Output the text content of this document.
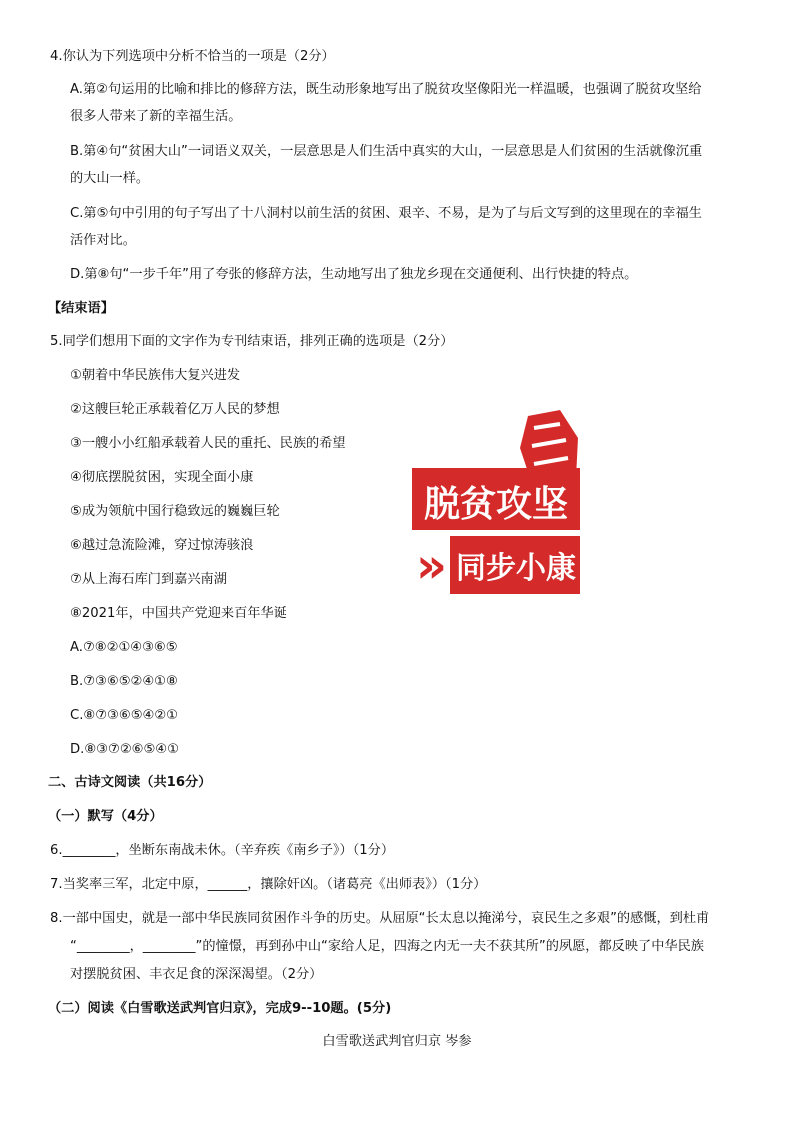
4.你认为下列选项中分析不恰当的一项是（2分）
A.第②句运用的比喻和排比的修辞方法，既生动形象地写出了脱贫攻坚像阳光一样温暖，也强调了脱贫攻坚给
很多人带来了新的幸福生活。
B.第④句“贫困大山”一词语义双关，一层意思是人们生活中真实的大山，一层意思是人们贫困的生活就像沉重
的大山一样。
C.第⑤句中引用的句子写出了十八洞村以前生活的贫困、艰辛、不易，是为了与后文写到的这里现在的幸福生
活作对比。
D.第⑧句“一步千年”用了夸张的修辞方法，生动地写出了独龙乡现在交通便利、出行快捷的特点。
【结束语】
5.同学们想用下面的文字作为专刊结束语，排列正确的选项是（2分）
①朝着中华民族伟大复兴进发
②这艘巨轮正承载着亿万人民的梦想
③一艘小小红船承载着人民的重托、民族的希望
④彻底摆脱贫困，实现全面小康
⑤成为领航中国行稳致远的巍巍巨轮
⑥越过急流险滩，穿过惊涛骇浪
⑦从上海石库门到嘉兴南湖
⑧2021年，中国共产党迎来百年华诞
A.⑦⑧②①④③⑥⑤
B.⑦③⑥⑤②④①⑧
C.⑧⑦③⑥⑤④②①
D.⑧③⑦②⑥⑤④①
脱贫攻坚
» 同步小康
二、古诗文阅读（共16分）
（一）默写（4分）
6.________，坐断东南战未休。（辛弃疾《南乡子》）（1分）
7.当奖率三军，北定中原，______，攘除奸凶。（诸葛亮《出师表》）（1分）
8.一部中国史，就是一部中华民族同贫困作斗争的历史。从屈原“长太息以掩涕兮，哀民生之多艰”的感慨，到杜甫
“________，________”的憧憬，再到孙中山“家给人足，四海之内无一夫不获其所”的夙愿，都反映了中华民族
对摆脱贫困、丰衣足食的深深渴望。（2分）
（二）阅读《白雪歌送武判官归京》，完成9--10题。(5分)
白雪歌送武判官归京 岑参
